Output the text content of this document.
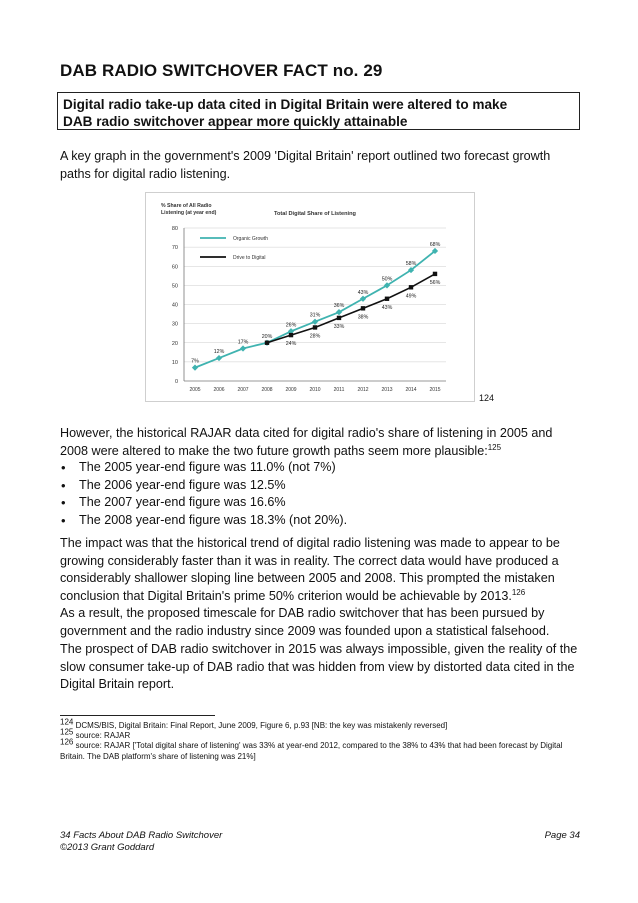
DAB RADIO SWITCHOVER FACT no. 29
Digital radio take-up data cited in Digital Britain were altered to make
DAB radio switchover appear more quickly attainable

A key graph in the government's 2009 'Digital Britain' report outlined two forecast growth paths for digital radio listening.

% Share of All Radio
Listening (at year end)	Total Digital Share of Listening
0
10
20
30
40
50
60
70
80
2005	2006	2007	2008	2009	2010	2011	2012	2013	2014	2015
7%
12%
17%
20%
26%
31%
36%
43%
50%
58%
68%
24%
28%
33%
38%
43%
49%
56%
Organic Growth
Drive to Digital
124

However, the historical RAJAR data cited for digital radio's share of listening in 2005 and 2008 were altered to make the two future growth paths seem more plausible:$^{125}$

• The 2005 year-end figure was 11.0% (not 7%)
• The 2006 year-end figure was 12.5%
• The 2007 year-end figure was 16.6%
• The 2008 year-end figure was 18.3% (not 20%).

The impact was that the historical trend of digital radio listening was made to appear to be growing considerably faster than it was in reality. The correct data would have produced a considerably shallower sloping line between 2005 and 2008. This prompted the mistaken conclusion that Digital Britain's prime 50% criterion would be achievable by 2013.$^{126}$

As a result, the proposed timescale for DAB radio switchover that has been pursued by government and the radio industry since 2009 was founded upon a statistical falsehood.

The prospect of DAB radio switchover in 2015 was always impossible, given the reality of the slow consumer take-up of DAB radio that was hidden from view by distorted data cited in the Digital Britain report.

$^{124}$ DCMS/BIS, Digital Britain: Final Report, June 2009, Figure 6, p.93 [NB: the key was mistakenly reversed]

$^{125}$ source: RAJAR

$^{126}$ source: RAJAR ['Total digital share of listening' was 33% at year-end 2012, compared to the 38% to 43% that had been forecast by Digital Britain. The DAB platform's share of listening was 21%]

34 Facts About DAB Radio Switchover
©2013 Grant Goddard
Page 34
